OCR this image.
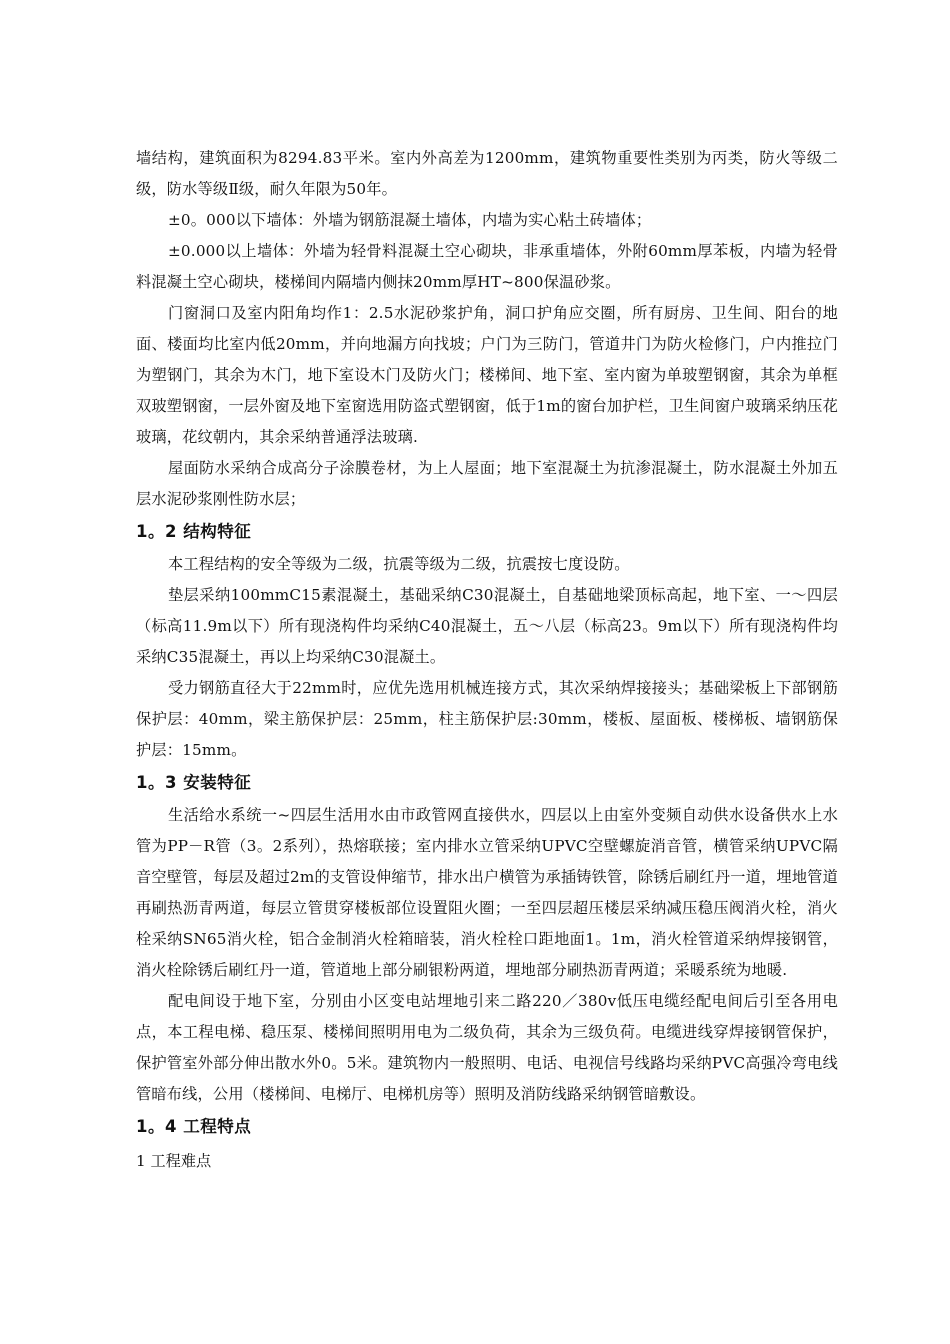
墙结构，建筑面积为8294.83平米。室内外高差为1200mm，建筑物重要性类别为丙类，防火等级二级，防水等级Ⅱ级，耐久年限为50年。

±0。000以下墙体：外墙为钢筋混凝土墙体，内墙为实心粘土砖墙体；

±0.000以上墙体：外墙为轻骨料混凝土空心砌块，非承重墙体，外附60mm厚苯板，内墙为轻骨料混凝土空心砌块，楼梯间内隔墙内侧抹20mm厚HT~800保温砂浆。

门窗洞口及室内阳角均作1：2.5水泥砂浆护角，洞口护角应交圈，所有厨房、卫生间、阳台的地面、楼面均比室内低20mm，并向地漏方向找坡；户门为三防门，管道井门为防火检修门，户内推拉门为塑钢门，其余为木门，地下室设木门及防火门；楼梯间、地下室、室内窗为单玻塑钢窗，其余为单框双玻塑钢窗，一层外窗及地下室窗选用防盗式塑钢窗，低于1m的窗台加护栏，卫生间窗户玻璃采纳压花玻璃，花纹朝内，其余采纳普通浮法玻璃.

屋面防水采纳合成高分子涂膜卷材，为上人屋面；地下室混凝土为抗渗混凝土，防水混凝土外加五层水泥砂浆刚性防水层；

1。2 结构特征

本工程结构的安全等级为二级，抗震等级为二级，抗震按七度设防。

垫层采纳100mmC15素混凝土，基础采纳C30混凝土，自基础地梁顶标高起，地下室、一～四层（标高11.9m以下）所有现浇构件均采纳C40混凝土，五～八层（标高23。9m以下）所有现浇构件均采纳C35混凝土，再以上均采纳C30混凝土。

受力钢筋直径大于22mm时，应优先选用机械连接方式，其次采纳焊接接头；基础梁板上下部钢筋保护层：40mm，梁主筋保护层：25mm，柱主筋保护层:30mm，楼板、屋面板、楼梯板、墙钢筋保护层：15mm。

1。3 安装特征

生活给水系统一~四层生活用水由市政管网直接供水，四层以上由室外变频自动供水设备供水上水管为PP－R管（3。2系列），热熔联接；室内排水立管采纳UPVC空壁螺旋消音管，横管采纳UPVC隔音空壁管，每层及超过2m的支管设伸缩节，排水出户横管为承插铸铁管，除锈后刷红丹一道，埋地管道再刷热沥青两道，每层立管贯穿楼板部位设置阻火圈；一至四层超压楼层采纳减压稳压阀消火栓，消火栓采纳SN65消火栓，铝合金制消火栓箱暗装，消火栓栓口距地面1。1m，消火栓管道采纳焊接钢管，消火栓除锈后刷红丹一道，管道地上部分刷银粉两道，埋地部分刷热沥青两道；采暖系统为地暖.

配电间设于地下室，分别由小区变电站埋地引来二路220／380v低压电缆经配电间后引至各用电点，本工程电梯、稳压泵、楼梯间照明用电为二级负荷，其余为三级负荷。电缆进线穿焊接钢管保护，保护管室外部分伸出散水外0。5米。建筑物内一般照明、电话、电视信号线路均采纳PVC高强冷弯电线管暗布线，公用（楼梯间、电梯厅、电梯机房等）照明及消防线路采纳钢管暗敷设。

1。4 工程特点

1 工程难点
